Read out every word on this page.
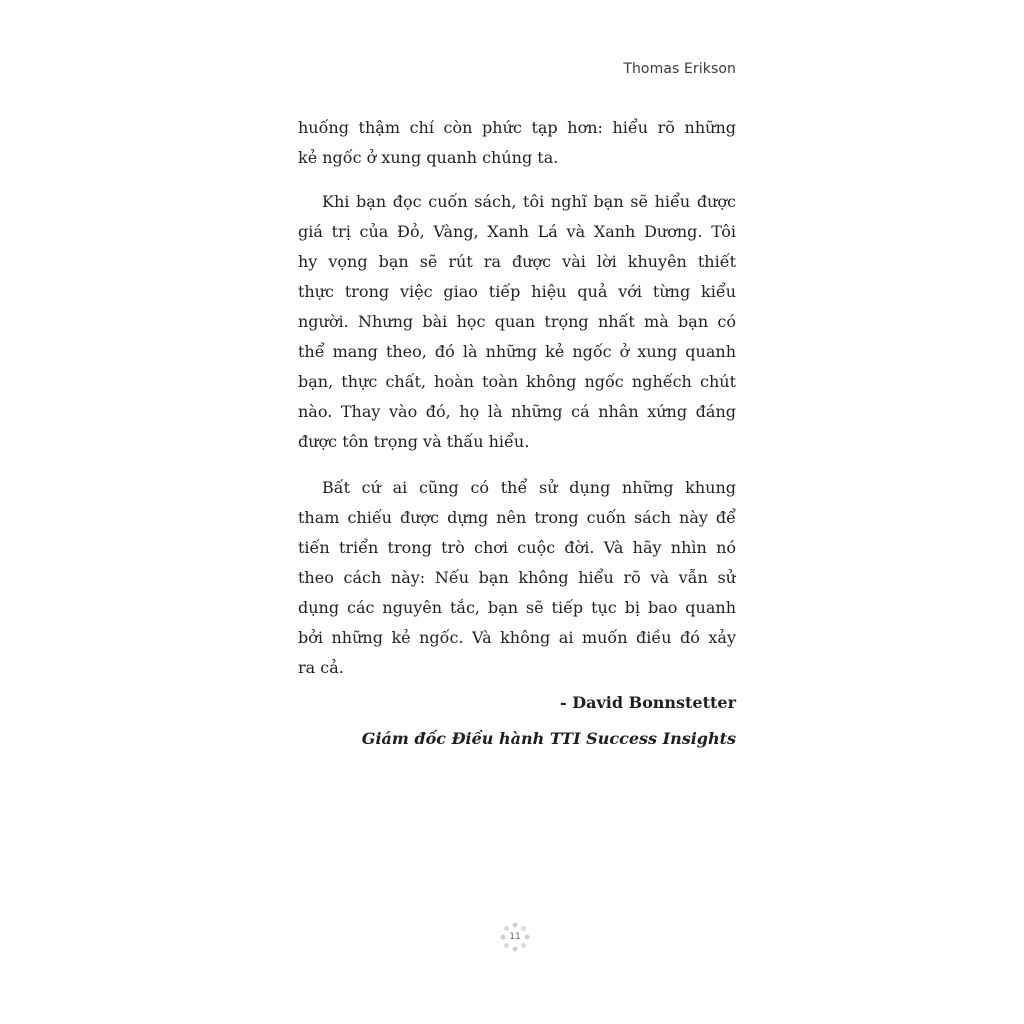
Thomas Erikson
huống thậm chí còn phức tạp hơn: hiểu rõ những
kẻ ngốc ở xung quanh chúng ta.
Khi bạn đọc cuốn sách, tôi nghĩ bạn sẽ hiểu được
giá trị của Đỏ, Vàng, Xanh Lá và Xanh Dương. Tôi
hy vọng bạn sẽ rút ra được vài lời khuyên thiết
thực trong việc giao tiếp hiệu quả với từng kiểu
người. Nhưng bài học quan trọng nhất mà bạn có
thể mang theo, đó là những kẻ ngốc ở xung quanh
bạn, thực chất, hoàn toàn không ngốc nghếch chút
nào. Thay vào đó, họ là những cá nhân xứng đáng
được tôn trọng và thấu hiểu.
Bất cứ ai cũng có thể sử dụng những khung
tham chiếu được dựng nên trong cuốn sách này để
tiến triển trong trò chơi cuộc đời. Và hãy nhìn nó
theo cách này: Nếu bạn không hiểu rõ và vẫn sử
dụng các nguyên tắc, bạn sẽ tiếp tục bị bao quanh
bởi những kẻ ngốc. Và không ai muốn điều đó xảy
ra cả.
- David Bonnstetter
Giám đốc Điều hành TTI Success Insights
11
